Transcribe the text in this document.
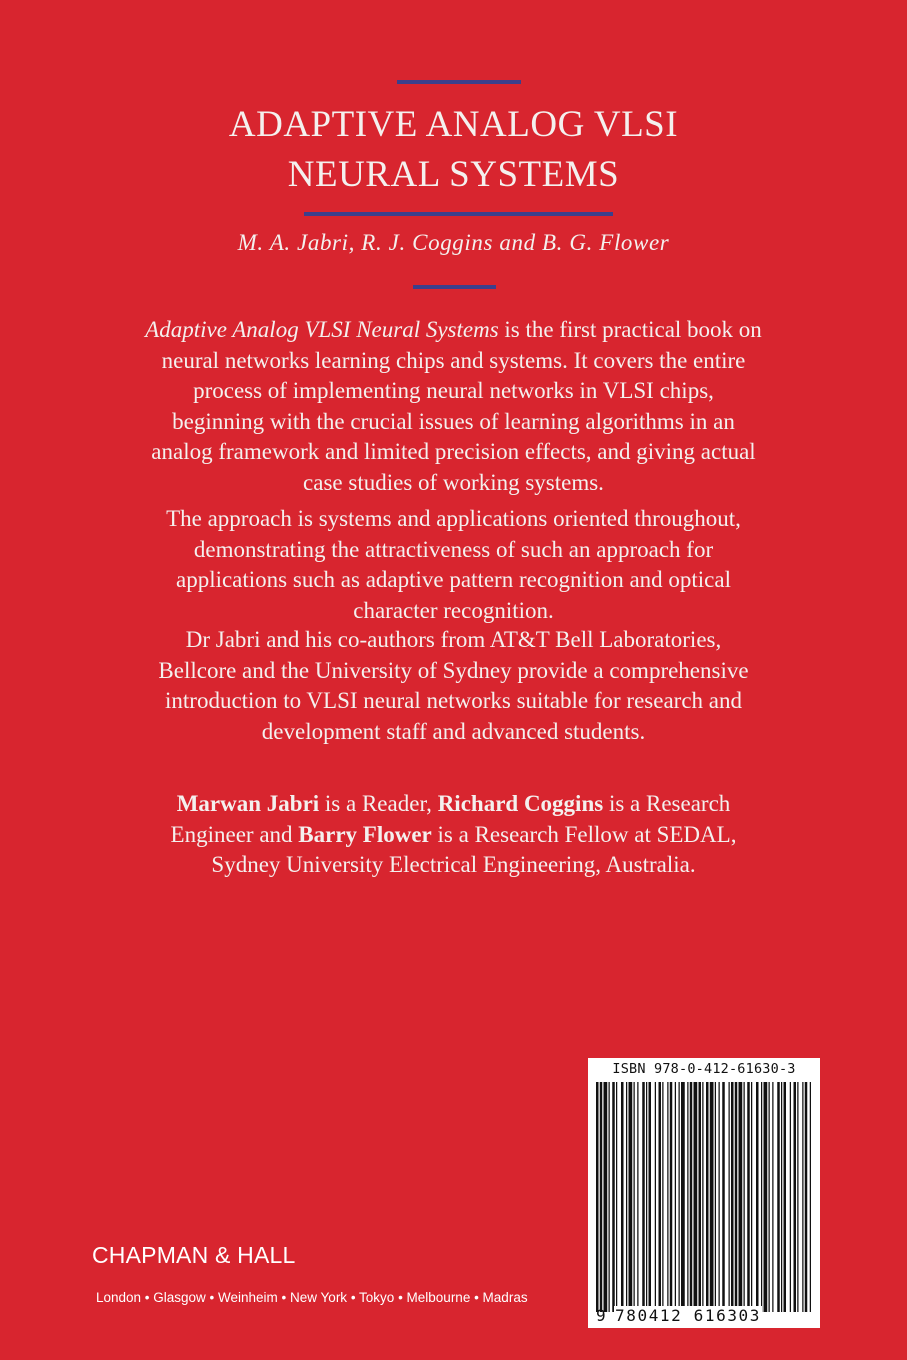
ADAPTIVE ANALOG VLSI
NEURAL SYSTEMS
M. A. Jabri, R. J. Coggins and B. G. Flower

Adaptive Analog VLSI Neural Systems is the first practical book on
neural networks learning chips and systems. It covers the entire
process of implementing neural networks in VLSI chips,
beginning with the crucial issues of learning algorithms in an
analog framework and limited precision effects, and giving actual
case studies of working systems.

The approach is systems and applications oriented throughout,
demonstrating the attractiveness of such an approach for
applications such as adaptive pattern recognition and optical
character recognition.

Dr Jabri and his co-authors from AT&T Bell Laboratories,
Bellcore and the University of Sydney provide a comprehensive
introduction to VLSI neural networks suitable for research and
development staff and advanced students.

Marwan Jabri is a Reader, Richard Coggins is a Research
Engineer and Barry Flower is a Research Fellow at SEDAL,
Sydney University Electrical Engineering, Australia.

ISBN 978-0-412-61630-3
9 780412 616303
CHAPMAN & HALL
London • Glasgow • Weinheim • New York • Tokyo • Melbourne • Madras
